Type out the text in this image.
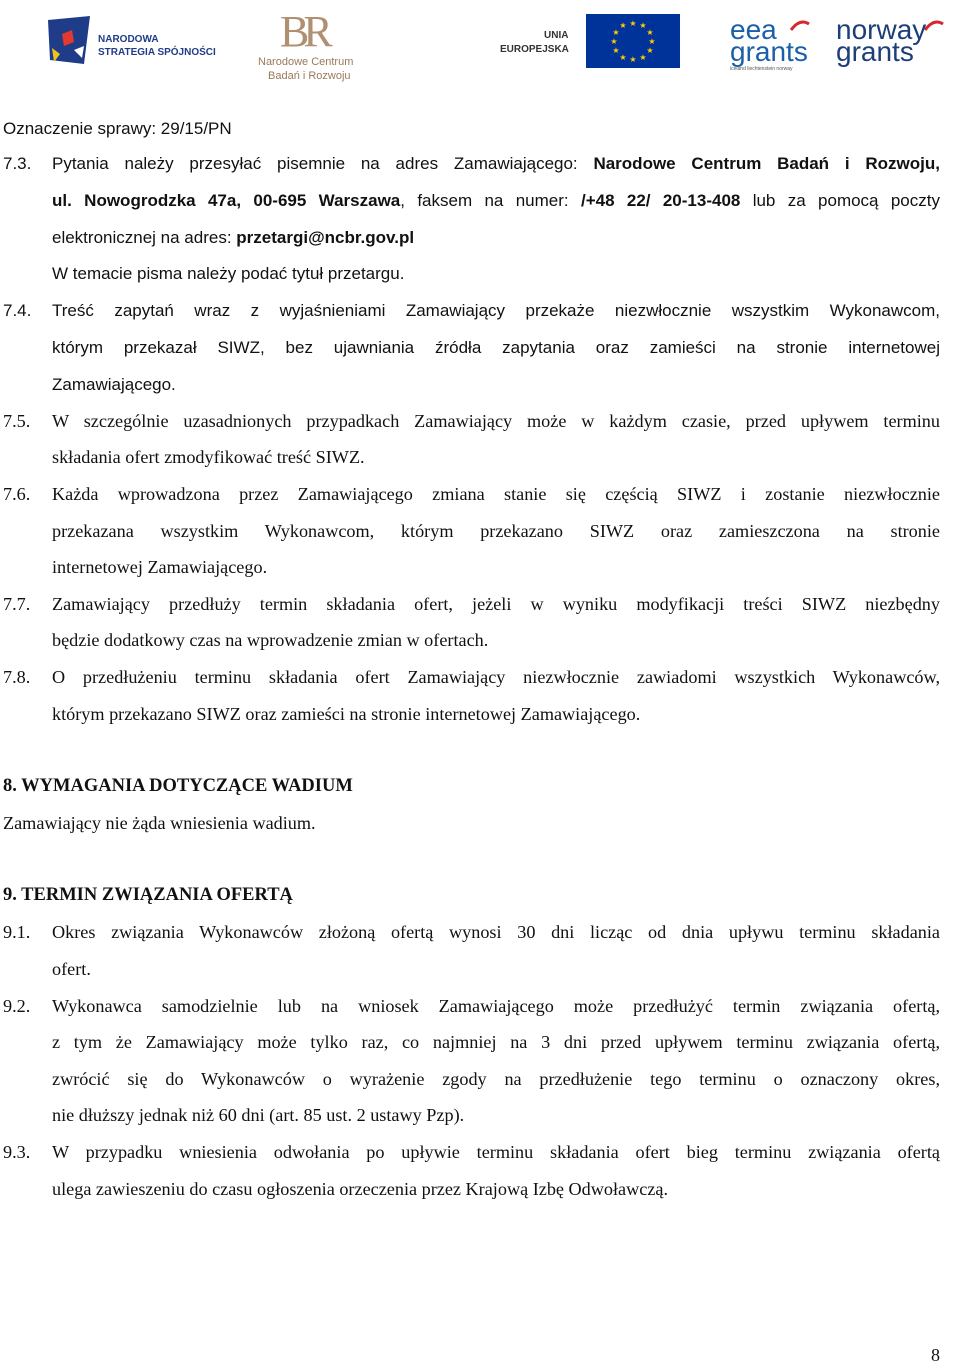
NARODOWA
STRATEGIA SPÓJNOŚCI BR
Narodowe Centrum
Badań i Rozwoju
UNIA
EUROPEJSKA
★ ★
★
★
★
★
★
★
★
★
★
★	eea
grants
iceland liechtenstein norway
norway
grants
Oznaczenie sprawy: 29/15/PN
7.3. Pytania należy przesyłać pisemnie na adres Zamawiającego: Narodowe Centrum Badań i Rozwoju,
ul. Nowogrodzka 47a, 00-695 Warszawa, faksem na numer: /+48 22/ 20-13-408 lub za pomocą poczty
elektronicznej na adres: przetargi@ncbr.gov.pl
W temacie pisma należy podać tytuł przetargu.
7.4. Treść zapytań wraz z wyjaśnieniami Zamawiający przekaże niezwłocznie wszystkim Wykonawcom,
którym przekazał SIWZ, bez ujawniania źródła zapytania oraz zamieści na stronie internetowej
Zamawiającego.
7.5. W szczególnie uzasadnionych przypadkach Zamawiający może w każdym czasie, przed upływem terminu
składania ofert zmodyfikować treść SIWZ.
7.6. Każda wprowadzona przez Zamawiającego zmiana stanie się częścią SIWZ i zostanie niezwłocznie
przekazana wszystkim Wykonawcom, którym przekazano SIWZ oraz zamieszczona na stronie
internetowej Zamawiającego.
7.7. Zamawiający przedłuży termin składania ofert, jeżeli w wyniku modyfikacji treści SIWZ niezbędny
będzie dodatkowy czas na wprowadzenie zmian w ofertach.
7.8. O przedłużeniu terminu składania ofert Zamawiający niezwłocznie zawiadomi wszystkich Wykonawców,
którym przekazano SIWZ oraz zamieści na stronie internetowej Zamawiającego.
8. WYMAGANIA DOTYCZĄCE WADIUM
Zamawiający nie żąda wniesienia wadium.
9. TERMIN ZWIĄZANIA OFERTĄ
9.1. Okres związania Wykonawców złożoną ofertą wynosi 30 dni licząc od dnia upływu terminu składania
ofert.
9.2. Wykonawca samodzielnie lub na wniosek Zamawiającego może przedłużyć termin związania ofertą,
z tym że Zamawiający może tylko raz, co najmniej na 3 dni przed upływem terminu związania ofertą,
zwrócić się do Wykonawców o wyrażenie zgody na przedłużenie tego terminu o oznaczony okres,
nie dłuższy jednak niż 60 dni (art. 85 ust. 2 ustawy Pzp).
9.3. W przypadku wniesienia odwołania po upływie terminu składania ofert bieg terminu związania ofertą
ulega zawieszeniu do czasu ogłoszenia orzeczenia przez Krajową Izbę Odwoławczą.
8
